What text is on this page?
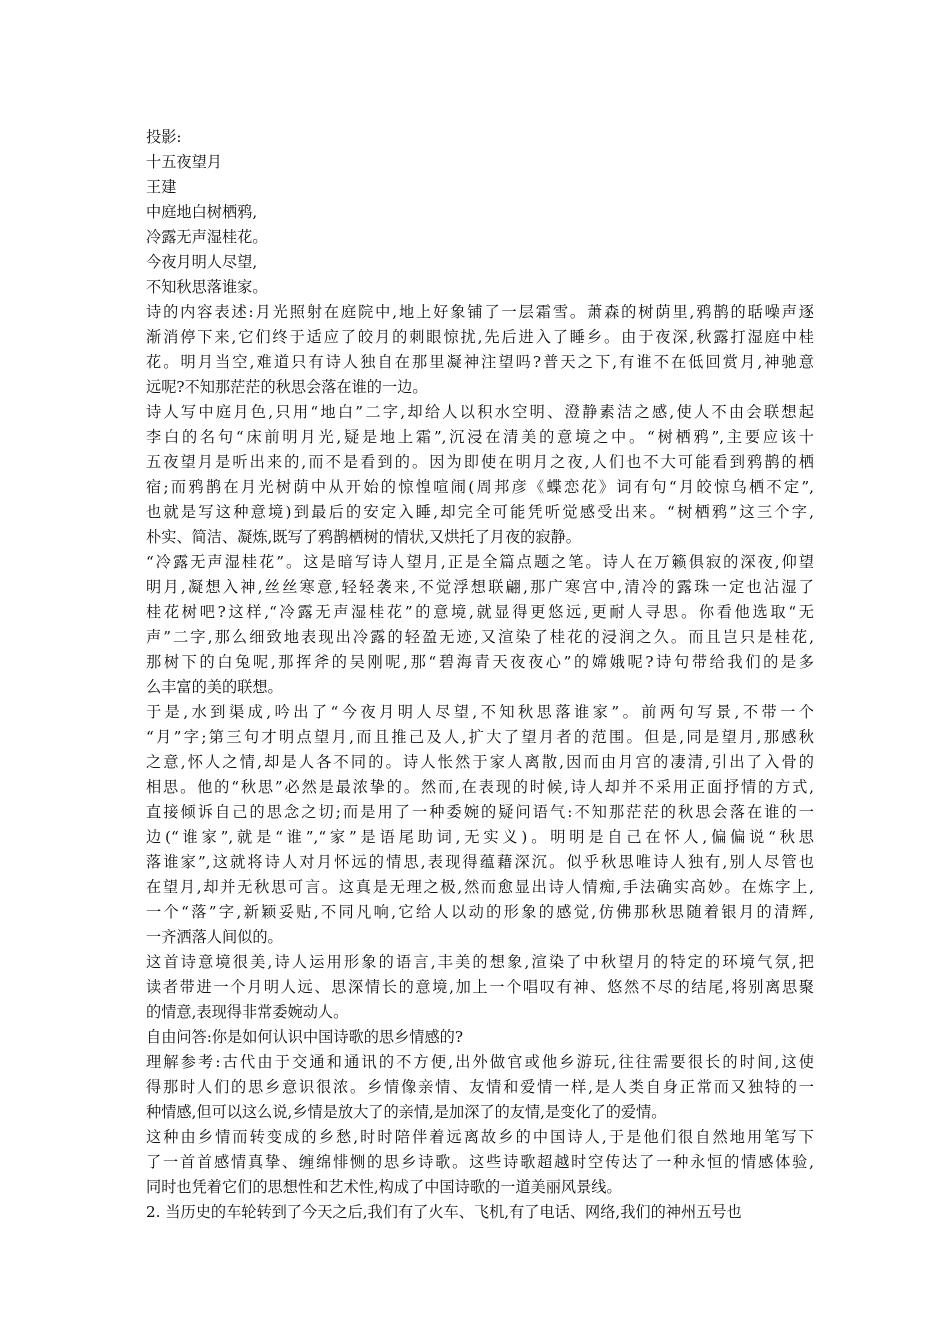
投影:

十五夜望月

王建

中庭地白树栖鸦,

冷露无声湿桂花。

今夜月明人尽望,

不知秋思落谁家。

诗的内容表述:月光照射在庭院中,地上好象铺了一层霜雪。萧森的树荫里,鸦鹊的聒噪声逐
渐消停下来,它们终于适应了皎月的刺眼惊扰,先后进入了睡乡。由于夜深,秋露打湿庭中桂
花。明月当空,难道只有诗人独自在那里凝神注望吗?普天之下,有谁不在低回赏月,神驰意
远呢?不知那茫茫的秋思会落在谁的一边。

诗人写中庭月色,只用“地白”二字,却给人以积水空明、澄静素洁之感,使人不由会联想起
李白的名句“床前明月光,疑是地上霜”,沉浸在清美的意境之中。“树栖鸦”,主要应该十
五夜望月是听出来的,而不是看到的。因为即使在明月之夜,人们也不大可能看到鸦鹊的栖
宿;而鸦鹊在月光树荫中从开始的惊惶喧闹(周邦彦《蝶恋花》词有句“月皎惊乌栖不定”,
也就是写这种意境)到最后的安定入睡,却完全可能凭听觉感受出来。“树栖鸦”这三个字,
朴实、简洁、凝炼,既写了鸦鹊栖树的情状,又烘托了月夜的寂静。

“冷露无声湿桂花”。这是暗写诗人望月,正是全篇点题之笔。诗人在万籁俱寂的深夜,仰望
明月,凝想入神,丝丝寒意,轻轻袭来,不觉浮想联翩,那广寒宫中,清冷的露珠一定也沾湿了
桂花树吧?这样,“冷露无声湿桂花”的意境,就显得更悠远,更耐人寻思。你看他选取“无
声”二字,那么细致地表现出冷露的轻盈无迹,又渲染了桂花的浸润之久。而且岂只是桂花,
那树下的白兔呢,那挥斧的吴刚呢,那“碧海青天夜夜心”的嫦娥呢?诗句带给我们的是多
么丰富的美的联想。

于是,水到渠成,吟出了“今夜月明人尽望,不知秋思落谁家”。前两句写景,不带一个
“月”字;第三句才明点望月,而且推己及人,扩大了望月者的范围。但是,同是望月,那感秋
之意,怀人之情,却是人各不同的。诗人怅然于家人离散,因而由月宫的凄清,引出了入骨的
相思。他的“秋思”必然是最浓挚的。然而,在表现的时候,诗人却并不采用正面抒情的方式,
直接倾诉自己的思念之切;而是用了一种委婉的疑问语气:不知那茫茫的秋思会落在谁的一
边(“谁家”,就是“谁”,“家”是语尾助词,无实义)。明明是自己在怀人,偏偏说“秋思
落谁家”,这就将诗人对月怀远的情思,表现得蕴藉深沉。似乎秋思唯诗人独有,别人尽管也
在望月,却并无秋思可言。这真是无理之极,然而愈显出诗人情痴,手法确实高妙。在炼字上,
一个“落”字,新颖妥贴,不同凡响,它给人以动的形象的感觉,仿佛那秋思随着银月的清辉,
一齐洒落人间似的。

这首诗意境很美,诗人运用形象的语言,丰美的想象,渲染了中秋望月的特定的环境气氛,把
读者带进一个月明人远、思深情长的意境,加上一个唱叹有神、悠然不尽的结尾,将别离思聚
的情意,表现得非常委婉动人。

自由问答:你是如何认识中国诗歌的思乡情感的?

理解参考:古代由于交通和通讯的不方便,出外做官或他乡游玩,往往需要很长的时间,这使
得那时人们的思乡意识很浓。乡情像亲情、友情和爱情一样,是人类自身正常而又独特的一
种情感,但可以这么说,乡情是放大了的亲情,是加深了的友情,是变化了的爱情。

这种由乡情而转变成的乡愁,时时陪伴着远离故乡的中国诗人,于是他们很自然地用笔写下
了一首首感情真挚、缠绵悱恻的思乡诗歌。这些诗歌超越时空传达了一种永恒的情感体验,
同时也凭着它们的思想性和艺术性,构成了中国诗歌的一道美丽风景线。

2. 当历史的车轮转到了今天之后,我们有了火车、飞机,有了电话、网络,我们的神州五号也
